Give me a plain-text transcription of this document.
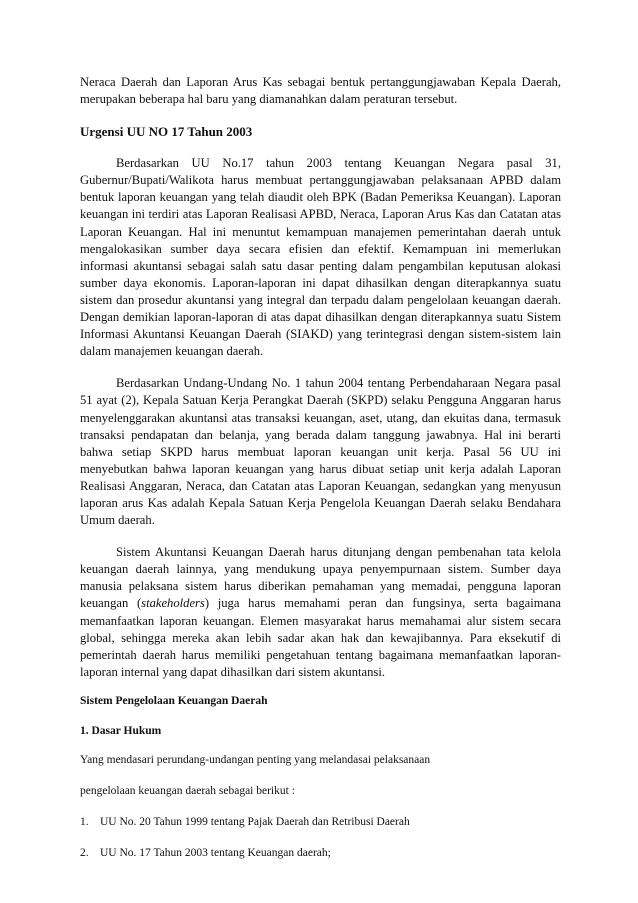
Neraca Daerah dan Laporan Arus Kas sebagai bentuk pertanggungjawaban Kepala Daerah, merupakan beberapa hal baru yang diamanahkan dalam peraturan tersebut.

Urgensi UU NO 17 Tahun 2003

Berdasarkan UU No.17 tahun 2003 tentang Keuangan Negara pasal 31, Gubernur/Bupati/Walikota harus membuat pertanggungjawaban pelaksanaan APBD dalam bentuk laporan keuangan yang telah diaudit oleh BPK (Badan Pemeriksa Keuangan). Laporan keuangan ini terdiri atas Laporan Realisasi APBD, Neraca, Laporan Arus Kas dan Catatan atas Laporan Keuangan. Hal ini menuntut kemampuan manajemen pemerintahan daerah untuk mengalokasikan sumber daya secara efisien dan efektif. Kemampuan ini memerlukan informasi akuntansi sebagai salah satu dasar penting dalam pengambilan keputusan alokasi sumber daya ekonomis. Laporan-laporan ini dapat dihasilkan dengan diterapkannya suatu sistem dan prosedur akuntansi yang integral dan terpadu dalam pengelolaan keuangan daerah. Dengan demikian laporan-laporan di atas dapat dihasilkan dengan diterapkannya suatu Sistem Informasi Akuntansi Keuangan Daerah (SIAKD) yang terintegrasi dengan sistem-sistem lain dalam manajemen keuangan daerah.

Berdasarkan Undang-Undang No. 1 tahun 2004 tentang Perbendaharaan Negara pasal 51 ayat (2), Kepala Satuan Kerja Perangkat Daerah (SKPD) selaku Pengguna Anggaran harus menyelenggarakan akuntansi atas transaksi keuangan, aset, utang, dan ekuitas dana, termasuk transaksi pendapatan dan belanja, yang berada dalam tanggung jawabnya. Hal ini berarti bahwa setiap SKPD harus membuat laporan keuangan unit kerja. Pasal 56 UU ini menyebutkan bahwa laporan keuangan yang harus dibuat setiap unit kerja adalah Laporan Realisasi Anggaran, Neraca, dan Catatan atas Laporan Keuangan, sedangkan yang menyusun laporan arus Kas adalah Kepala Satuan Kerja Pengelola Keuangan Daerah selaku Bendahara Umum daerah.

Sistem Akuntansi Keuangan Daerah harus ditunjang dengan pembenahan tata kelola keuangan daerah lainnya, yang mendukung upaya penyempurnaan sistem. Sumber daya manusia pelaksana sistem harus diberikan pemahaman yang memadai, pengguna laporan keuangan (stakeholders) juga harus memahami peran dan fungsinya, serta bagaimana memanfaatkan laporan keuangan. Elemen masyarakat harus memahamai alur sistem secara global, sehingga mereka akan lebih sadar akan hak dan kewajibannya. Para eksekutif di pemerintah daerah harus memiliki pengetahuan tentang bagaimana memanfaatkan laporan-laporan internal yang dapat dihasilkan dari sistem akuntansi.

Sistem Pengelolaan Keuangan Daerah
1. Dasar Hukum

Yang mendasari perundang-undangan penting yang melandasai pelaksanaan

pengelolaan keuangan daerah sebagai berikut :

1. UU No. 20 Tahun 1999 tentang Pajak Daerah dan Retribusi Daerah
2. UU No. 17 Tahun 2003 tentang Keuangan daerah;
